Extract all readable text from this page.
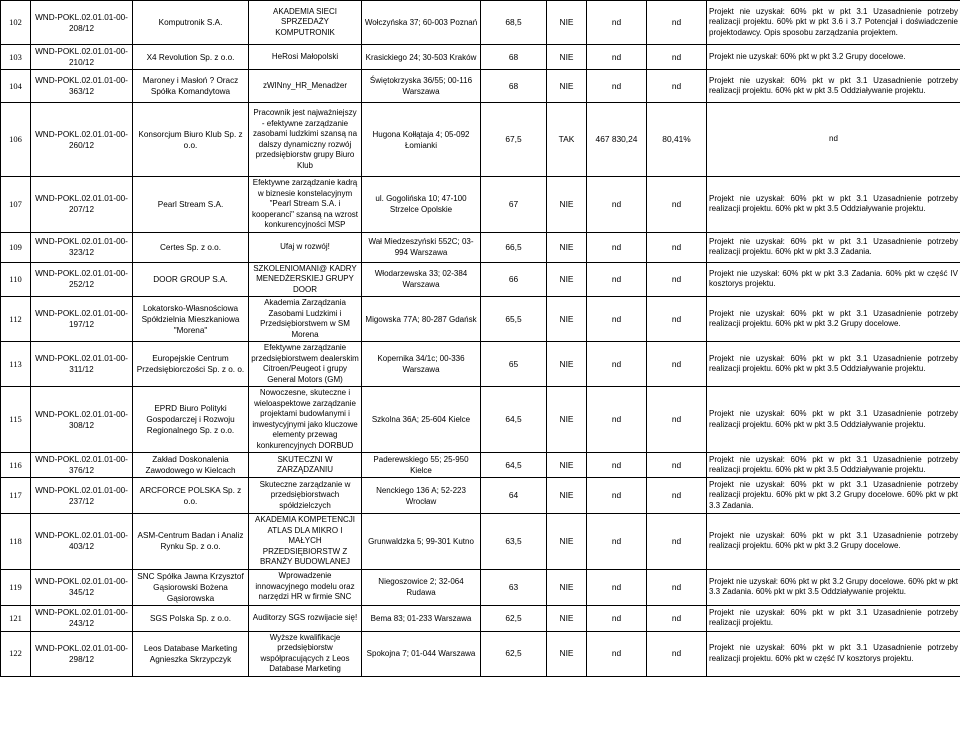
102	WND-POKL.02.01.01-00-208/12	Komputronik S.A.	AKADEMIA SIECI SPRZEDAŻY KOMPUTRONIK	Wołczyńska 37; 60-003 Poznań	68,5	NIE	nd	nd	Projekt nie uzyskał: 60% pkt w pkt 3.1 Uzasadnienie potrzeby realizacji projektu. 60% pkt w pkt 3.6 i 3.7 Potencjał i doświadczenie projektodawcy. Opis sposobu zarządzania projektem.
103	WND-POKL.02.01.01-00-210/12	X4 Revolution Sp. z o.o.	HeRosi Małopolski	Krasickiego 24; 30-503 Kraków	68	NIE	nd	nd	Projekt nie uzyskał: 60% pkt w pkt 3.2 Grupy docelowe.
104	WND-POKL.02.01.01-00-363/12	Maroney i Masłoń ? Oracz Spółka Komandytowa	zWINny_HR_Menadżer	Świętokrzyska 36/55; 00-116 Warszawa	68	NIE	nd	nd	Projekt nie uzyskał: 60% pkt w pkt 3.1 Uzasadnienie potrzeby realizacji projektu. 60% pkt w pkt 3.5 Oddziaływanie projektu.
106	WND-POKL.02.01.01-00-260/12	Konsorcjum Biuro Klub Sp. z o.o.	Pracownik jest najważniejszy - efektywne zarządzanie zasobami ludzkimi szansą na dalszy dynamiczny rozwój przedsiębiorstw grupy Biuro Klub	Hugona Kołłątaja 4; 05-092 Łomianki	67,5	TAK	467 830,24	80,41%	nd
107	WND-POKL.02.01.01-00-207/12	Pearl Stream S.A.	Efektywne zarządzanie kadrą w biznesie konstelacyjnym "Pearl Stream S.A. i kooperanci" szansą na wzrost konkurencyjności MSP	ul. Gogolińska 10; 47-100 Strzelce Opolskie	67	NIE	nd	nd	Projekt nie uzyskał: 60% pkt w pkt 3.1 Uzasadnienie potrzeby realizacji projektu. 60% pkt w pkt 3.5 Oddziaływanie projektu.
109	WND-POKL.02.01.01-00-323/12	Certes Sp. z o.o.	Ufaj w rozwój!	Wał Miedzeszyński 552C; 03-994 Warszawa	66,5	NIE	nd	nd	Projekt nie uzyskał: 60% pkt w pkt 3.1 Uzasadnienie potrzeby realizacji projektu. 60% pkt w pkt 3.3 Zadania.
110	WND-POKL.02.01.01-00-252/12	DOOR GROUP S.A.	SZKOLENIOMANI@ KADRY MENEDŻERSKIEJ GRUPY DOOR	Włodarzewska 33; 02-384 Warszawa	66	NIE	nd	nd	Projekt nie uzyskał: 60% pkt w pkt 3.3 Zadania. 60% pkt w część IV kosztorys projektu.
112	WND-POKL.02.01.01-00-197/12	Lokatorsko-Własnościowa Spółdzielnia Mieszkaniowa "Morena"	Akademia Zarządzania Zasobami Ludzkimi i Przedsiębiorstwem w SM Morena	Migowska 77A; 80-287 Gdańsk	65,5	NIE	nd	nd	Projekt nie uzyskał: 60% pkt w pkt 3.1 Uzasadnienie potrzeby realizacji projektu. 60% pkt w pkt 3.2 Grupy docelowe.
113	WND-POKL.02.01.01-00-311/12	Europejskie Centrum Przedsiębiorczości Sp. z o. o.	Efektywne zarządzanie przedsiębiorstwem dealerskim Citroen/Peugeot i grupy General Motors (GM)	Kopernika 34/1c; 00-336 Warszawa	65	NIE	nd	nd	Projekt nie uzyskał: 60% pkt w pkt 3.1 Uzasadnienie potrzeby realizacji projektu. 60% pkt w pkt 3.5 Oddziaływanie projektu.
115	WND-POKL.02.01.01-00-308/12	EPRD Biuro Polityki Gospodarczej i Rozwoju Regionalnego Sp. z o.o.	Nowoczesne, skuteczne i wieloaspektowe zarządzanie projektami budowlanymi i inwestycyjnymi jako kluczowe elementy przewag konkurencyjnych DORBUD	Szkolna 36A; 25-604 Kielce	64,5	NIE	nd	nd	Projekt nie uzyskał: 60% pkt w pkt 3.1 Uzasadnienie potrzeby realizacji projektu. 60% pkt w pkt 3.5 Oddziaływanie projektu.
116	WND-POKL.02.01.01-00-376/12	Zakład Doskonalenia Zawodowego w Kielcach	SKUTECZNI W ZARZĄDZANIU	Paderewskiego 55; 25-950 Kielce	64,5	NIE	nd	nd	Projekt nie uzyskał: 60% pkt w pkt 3.1 Uzasadnienie potrzeby realizacji projektu. 60% pkt w pkt 3.5 Oddziaływanie projektu.
117	WND-POKL.02.01.01-00-237/12	ARCFORCE POLSKA Sp. z o.o.	Skuteczne zarządzanie w przedsiębiorstwach spółdzielczych	Nenckiego 136 A; 52-223 Wrocław	64	NIE	nd	nd	Projekt nie uzyskał: 60% pkt w pkt 3.1 Uzasadnienie potrzeby realizacji projektu. 60% pkt w pkt 3.2 Grupy docelowe. 60% pkt w pkt 3.3 Zadania.
118	WND-POKL.02.01.01-00-403/12	ASM-Centrum Badan i Analiz Rynku Sp. z o.o.	AKADEMIA KOMPETENCJI ATLAS DLA MIKRO I MAŁYCH PRZEDSIĘBIORSTW Z BRANŻY BUDOWLANEJ	Grunwaldzka 5; 99-301 Kutno	63,5	NIE	nd	nd	Projekt nie uzyskał: 60% pkt w pkt 3.1 Uzasadnienie potrzeby realizacji projektu. 60% pkt w pkt 3.2 Grupy docelowe.
119	WND-POKL.02.01.01-00-345/12	SNC Spółka Jawna Krzysztof Gąsiorowski Bożena Gąsiorowska	Wprowadzenie innowacyjnego modelu oraz narzędzi HR w firmie SNC	Niegoszowice 2; 32-064 Rudawa	63	NIE	nd	nd	Projekt nie uzyskał: 60% pkt w pkt 3.2 Grupy docelowe. 60% pkt w pkt 3.3 Zadania. 60% pkt w pkt 3.5 Oddziaływanie projektu.
121	WND-POKL.02.01.01-00-243/12	SGS Polska Sp. z o.o.	Auditorzy SGS rozwijacie się!	Bema 83; 01-233 Warszawa	62,5	NIE	nd	nd	Projekt nie uzyskał: 60% pkt w pkt 3.1 Uzasadnienie potrzeby realizacji projektu.
122	WND-POKL.02.01.01-00-298/12	Leos Database Marketing Agnieszka Skrzypczyk	Wyższe kwalifikacje przedsiębiorstw współpracujących z Leos Database Marketing	Spokojna 7; 01-044 Warszawa	62,5	NIE	nd	nd	Projekt nie uzyskał: 60% pkt w pkt 3.1 Uzasadnienie potrzeby realizacji projektu. 60% pkt w część IV kosztorys projektu.
